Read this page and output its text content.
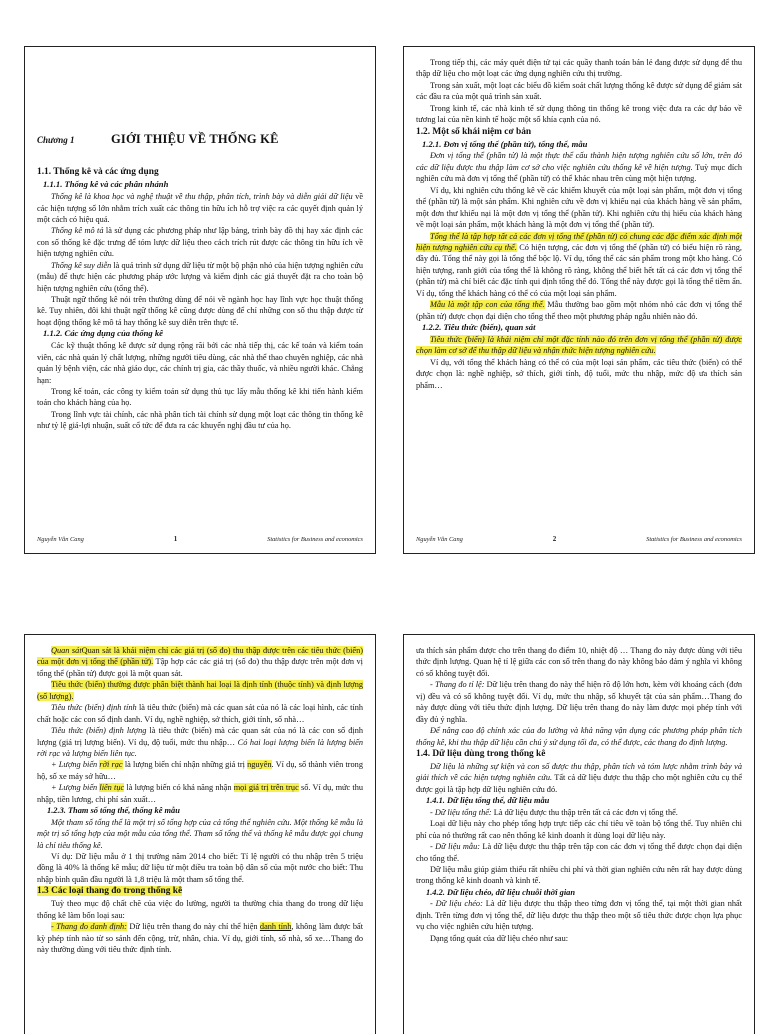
Chương 1	GIỚI THIỆU VỀ THỐNG KÊ

1.1. Thống kê và các ứng dụng

1.1.1. Thống kê và các phân nhánh

Thống kê là khoa học và nghệ thuật về thu thập, phân tích, trình bày và diễn giải dữ liệu về các hiện tượng số lớn nhằm trích xuất các thông tin hữu ích hỗ trợ việc ra các quyết định quản lý một cách có hiệu quả.

Thống kê mô tả là sử dụng các phương pháp như lập bảng, trình bày đồ thị hay xác định các con số thống kê đặc trưng để tóm lược dữ liệu theo cách trích rút được các thông tin hữu ích về hiện tượng nghiên cứu.

Thống kê suy diễn là quá trình sử dụng dữ liệu từ một bộ phận nhỏ của hiện tượng nghiên cứu (mẫu) để thực hiện các phương pháp ước lượng và kiểm định các giả thuyết đặt ra cho toàn bộ hiện tượng nghiên cứu (tổng thể).

Thuật ngữ thống kê nói trên thường dùng để nói về ngành học hay lĩnh vực học thuật thống kê. Tuy nhiên, đôi khi thuật ngữ thống kê cũng được dùng để chỉ những con số thu thập được từ hoạt động thống kê mô tả hay thống kê suy diễn trên thực tế.

1.1.2. Các ứng dụng của thống kê

Các kỹ thuật thống kê được sử dụng rộng rãi bởi các nhà tiếp thị, các kế toán và kiểm toán viên, các nhà quản lý chất lượng, những người tiêu dùng, các nhà thể thao chuyên nghiệp, các nhà quản lý bệnh viện, các nhà giáo dục, các chính trị gia, các thầy thuốc, và nhiều người khác. Chẳng hạn:

Trong kế toán, các công ty kiểm toán sử dụng thủ tục lấy mẫu thống kê khi tiến hành kiểm toán cho khách hàng của họ.

Trong lĩnh vực tài chính, các nhà phân tích tài chính sử dụng một loạt các thông tin thống kê như tỷ lệ giá-lợi nhuận, suất cổ tức để đưa ra các khuyến nghị đầu tư của họ.

Nguyễn Văn Cang	1	Statistics for Business and economics

Trong tiếp thị, các máy quét điện tử tại các quầy thanh toán bán lẻ đang được sử dụng để thu thập dữ liệu cho một loạt các ứng dụng nghiên cứu thị trường.

Trong sản xuất, một loạt các biểu đồ kiểm soát chất lượng thống kê được sử dụng để giám sát các đầu ra của một quá trình sản xuất.

Trong kinh tế, các nhà kinh tế sử dụng thông tin thống kê trong việc đưa ra các dự báo về tương lai của nền kinh tế hoặc một số khía cạnh của nó.

1.2. Một số khái niệm cơ bản

1.2.1. Đơn vị tổng thể (phần tử), tổng thể, mẫu

Đơn vị tổng thể (phần tử) là một thực thể cấu thành hiện tượng nghiên cứu số lớn, trên đó các dữ liệu được thu thập làm cơ sở cho việc nghiên cứu thống kê về hiện tượng. Tuỳ mục đích nghiên cứu mà đơn vị tổng thể (phần tử) có thể khác nhau trên cùng một hiện tượng.

Ví dụ, khi nghiên cứu thống kê về các khiếm khuyết của một loại sản phẩm, một đơn vị tổng thể (phần tử) là một sản phẩm. Khi nghiên cứu về đơn vị khiếu nại của khách hàng về sản phẩm, một đơn thư khiếu nại là một đơn vị tổng thể (phần tử). Khi nghiên cứu thị hiếu của khách hàng về một loại sản phẩm, một khách hàng là một đơn vị tổng thể (phần tử).

Tổng thể là tập hợp tất cả các đơn vị tổng thể (phần tử) có chung các đặc điểm xác định một hiện tượng nghiên cứu cụ thể. Có hiện tượng, các đơn vị tổng thể (phần tử) có biểu hiện rõ ràng, đầy đủ. Tổng thể này gọi là tổng thể bộc lộ. Ví dụ, tổng thể các sản phẩm trong một kho hàng. Có hiện tượng, ranh giới của tổng thể là không rõ ràng, không thể biết hết tất cả các đơn vị tổng thể (phần tử) mà chỉ biết các đặc tính qui định tổng thể đó. Tổng thể này được gọi là tổng thể tiềm ẩn. Ví dụ, tổng thể khách hàng có thể có của một loại sản phẩm.

Mẫu là một tập con của tổng thể. Mẫu thường bao gồm một nhóm nhỏ các đơn vị tổng thể (phần tử) được chọn đại diện cho tổng thể theo một phương pháp ngẫu nhiên nào đó.

1.2.2. Tiêu thức (biến), quan sát

Tiêu thức (biến) là khái niệm chỉ một đặc tính nào đó trên đơn vị tổng thể (phần tử) được chọn làm cơ sở để thu thập dữ liệu và nhận thức hiện tượng nghiên cứu.

Ví dụ, với tổng thể khách hàng có thể có của một loại sản phẩm, các tiêu thức (biến) có thể được chọn là: nghề nghiệp, sở thích, giới tính, độ tuổi, mức thu nhập, mức độ ưa thích sản phẩm…

Nguyễn Văn Cang	2	Statistics for Business and economics

Quan sátQuan sát là khái niệm chỉ các giá trị (số đo) thu thập được trên các tiêu thức (biến) của một đơn vị tổng thể (phần tử). Tập hợp các các giá trị (số đo) thu thập được trên một đơn vị tổng thể (phần tử) được gọi là một quan sát.

Tiêu thức (biến) thường được phân biệt thành hai loại là định tính (thuộc tính) và định lượng (số lượng).

Tiêu thức (biến) định tính là tiêu thức (biến) mà các quan sát của nó là các loại hình, các tính chất hoặc các con số định danh. Ví dụ, nghề nghiệp, sở thích, giới tính, số nhà…

Tiêu thức (biến) định lượng là tiêu thức (biến) mà các quan sát của nó là các con số định lượng (giá trị lượng biến). Ví dụ, độ tuổi, mức thu nhập… Có hai loại lượng biến là lượng biến rời rạc và lượng biến liên tục.

+ Lượng biến rời rạc là lượng biến chỉ nhận những giá trị nguyên. Ví dụ, số thành viên trong hộ, số xe máy sở hữu…

+ Lượng biến liên tục là lượng biến có khả năng nhận mọi giá trị trên trục số. Ví dụ, mức thu nhập, tiền lương, chi phí sản xuất…

1.2.3. Tham số tổng thể, thống kê mẫu

Một tham số tổng thể là một trị số tổng hợp của cả tổng thể nghiên cứu. Một thống kê mẫu là một trị số tổng hợp của một mẫu của tổng thể. Tham số tổng thể và thống kê mẫu được gọi chung là chỉ tiêu thống kê.

Ví dụ: Dữ liệu mẫu ở 1 thị trường năm 2014 cho biết: Tỉ lệ người có thu nhập trên 5 triệu đồng là 40% là thống kê mẫu; dữ liệu từ một điều tra toàn bộ dân số của một nước cho biết: Thu nhập bình quân đầu người là 1,8 triệu là một tham số tổng thể.

1.3 Các loại thang đo trong thống kê

Tuỳ theo mục độ chất chẽ của việc đo lường, người ta thường chia thang đo trong dữ liệu thống kê làm bốn loại sau:

- Thang đo danh định: Dữ liệu trên thang đo này chỉ thể hiện danh tính, không làm được bất kỳ phép tính nào từ so sánh đến cộng, trừ, nhân, chia. Ví dụ, giới tính, số nhà, số xe…Thang đo này thường dùng với tiêu thức định tính.

ưa thích sản phẩm được cho trên thang đo điểm 10, nhiệt độ … Thang đo này được dùng với tiêu thức định lượng. Quan hệ tỉ lệ giữa các con số trên thang đo này không bảo đảm ý nghĩa vì không có số không tuyệt đối.

- Thang đo tỉ lệ: Dữ liệu trên thang đo này thể hiện rõ độ lớn hơn, kèm với khoảng cách (đơn vị) đều và có số không tuyệt đối. Ví dụ, mức thu nhập, số khuyết tật của sản phẩm…Thang đo này được dùng với tiêu thức định lượng. Dữ liệu trên thang đo này làm được mọi phép tính với đầy đủ ý nghĩa.

Để nâng cao độ chính xác của đo lường và khả năng vận dụng các phương pháp phân tích thống kê, khi thu thập dữ liệu cần chú ý sử dụng tối đa, có thể được, các thang đo định lượng.

1.4. Dữ liệu dùng trong thống kê

Dữ liệu là những sự kiện và con số được thu thập, phân tích và tóm lược nhằm trình bày và giải thích về các hiện tượng nghiên cứu. Tất cả dữ liệu được thu thập cho một nghiên cứu cụ thể được gọi là tập hợp dữ liệu nghiên cứu đó.

1.4.1. Dữ liệu tổng thể, dữ liệu mẫu

- Dữ liệu tổng thể: Là dữ liệu được thu thập trên tất cả các đơn vị tổng thể.

Loại dữ liệu này cho phép tổng hợp trực tiếp các chỉ tiêu về toàn bộ tổng thể. Tuy nhiên chi phí của nó thường rất cao nên thống kê kinh doanh ít dùng loại dữ liệu này.

- Dữ liệu mẫu: Là dữ liệu được thu thập trên tập con các đơn vị tổng thể được chọn đại diện cho tổng thể.

Dữ liệu mẫu giúp giảm thiểu rất nhiều chi phí và thời gian nghiên cứu nên rất hay được dùng trong thống kê kinh doanh và kinh tế.

1.4.2. Dữ liệu chéo, dữ liệu chuỗi thời gian

- Dữ liệu chéo: Là dữ liệu được thu thập theo từng đơn vị tổng thể, tại một thời gian nhất định. Trên từng đơn vị tổng thể, dữ liệu được thu thập theo một số tiêu thức được chọn lựa phục vụ cho việc nghiên cứu hiện tượng.

Dạng tổng quát của dữ liệu chéo như sau:
